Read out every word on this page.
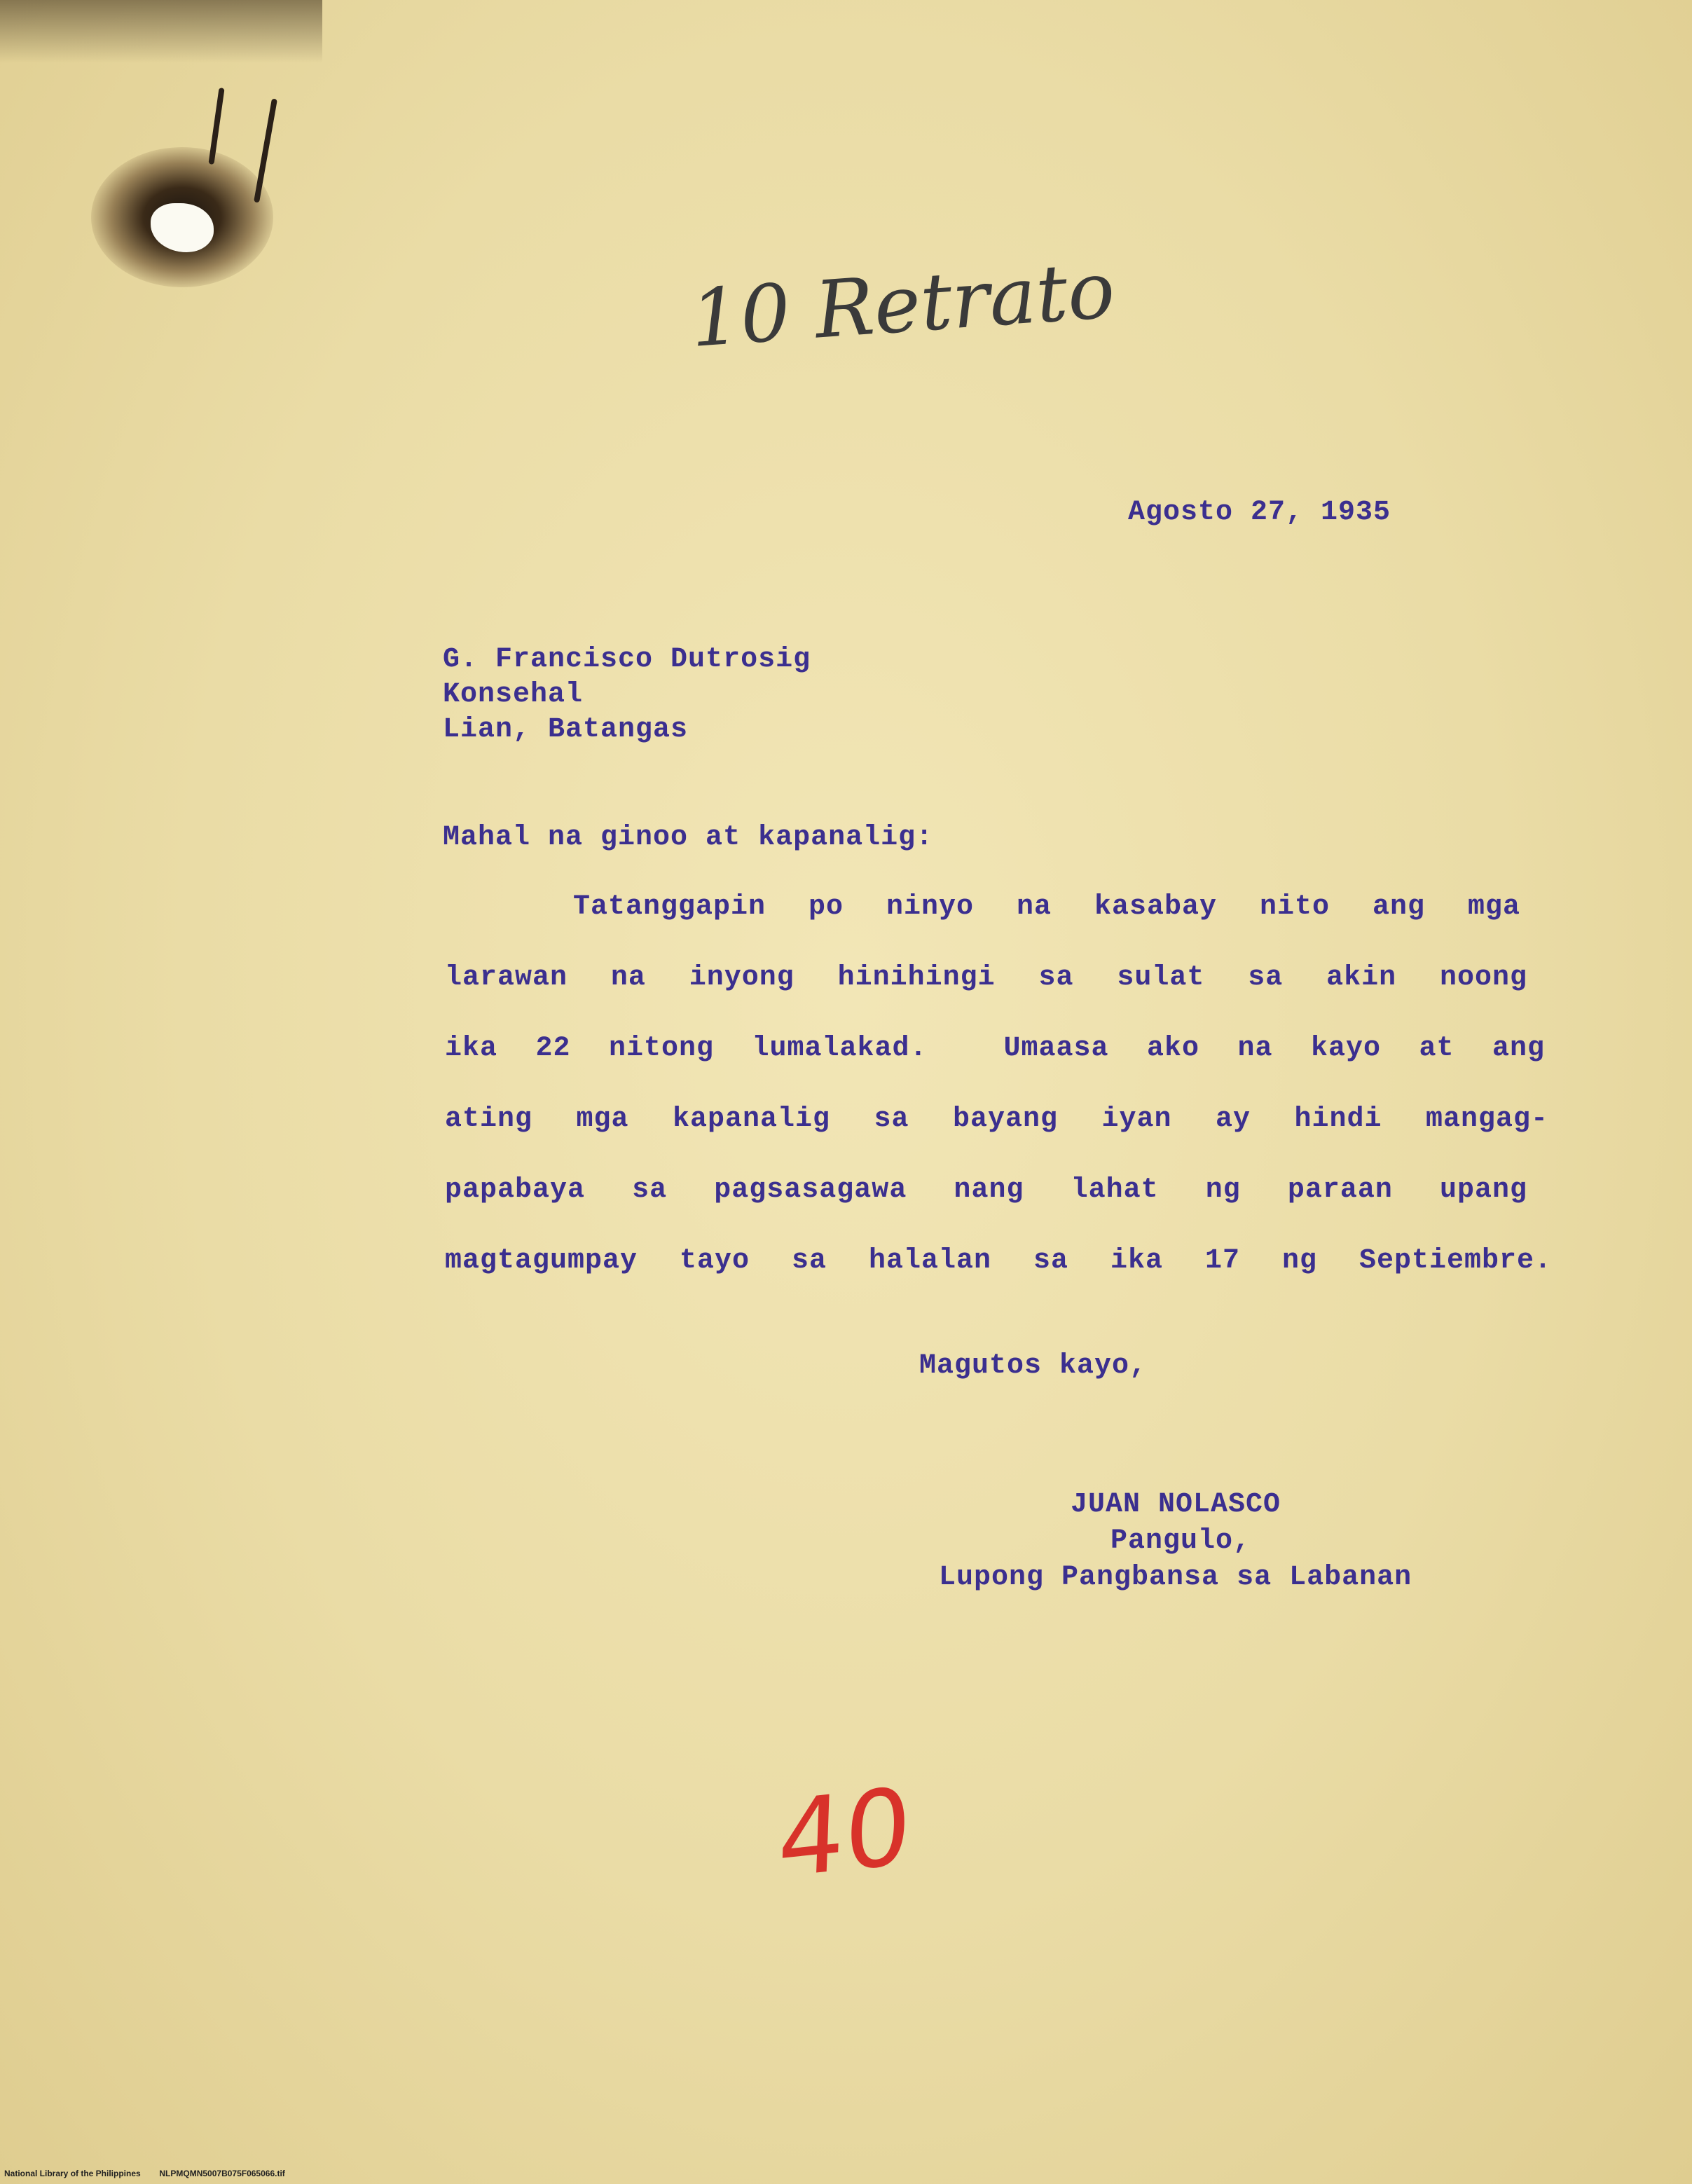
10 Retrato
Agosto 27, 1935
G. Francisco Dutrosig
Konsehal
Lian, Batangas
Mahal na ginoo at kapanalig:
Tatanggapin po ninyo na kasabay nito ang mga
larawan na inyong hinihingi sa sulat sa akin noong
ika 22 nitong lumalakad.  Umaasa ako na kayo at ang
ating mga kapanalig sa bayang iyan ay hindi mangag-
papabaya sa pagsasagawa nang lahat ng paraan upang
magtagumpay tayo sa halalan sa ika 17 ng Septiembre.
Magutos kayo,
JUAN NOLASCO
Pangulo,
Lupong Pangbansa sa Labanan
40
National Library of the Philippines NLPMQMN5007B075F065066.tif
